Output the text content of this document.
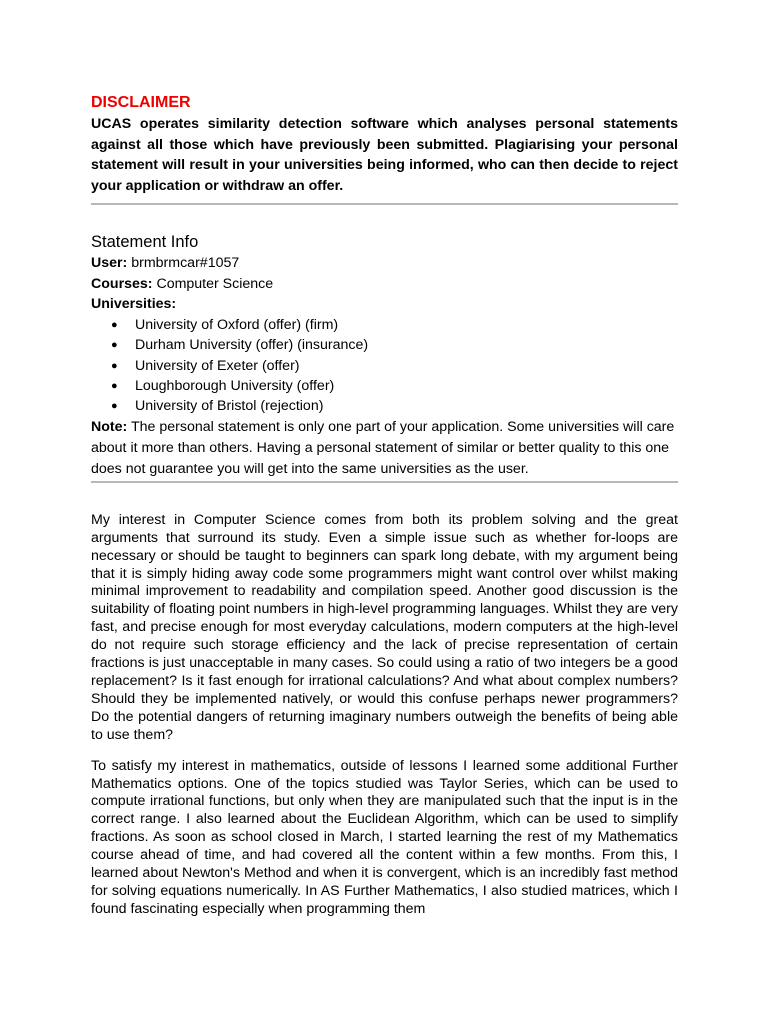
DISCLAIMER

UCAS operates similarity detection software which analyses personal statements against all those which have previously been submitted. Plagiarising your personal statement will result in your universities being informed, who can then decide to reject your application or withdraw an offer.

Statement Info

User: brmbrmcar#1057

Courses: Computer Science

Universities:

● University of Oxford (offer) (firm)
● Durham University (offer) (insurance)
● University of Exeter (offer)
● Loughborough University (offer)
● University of Bristol (rejection)

Note: The personal statement is only one part of your application. Some universities will care about it more than others. Having a personal statement of similar or better quality to this one does not guarantee you will get into the same universities as the user.

My interest in Computer Science comes from both its problem solving and the great arguments that surround its study. Even a simple issue such as whether for-loops are necessary or should be taught to beginners can spark long debate, with my argument being that it is simply hiding away code some programmers might want control over whilst making minimal improvement to readability and compilation speed. Another good discussion is the suitability of floating point numbers in high-level programming languages. Whilst they are very fast, and precise enough for most everyday calculations, modern computers at the high-level do not require such storage efficiency and the lack of precise representation of certain fractions is just unacceptable in many cases. So could using a ratio of two integers be a good replacement? Is it fast enough for irrational calculations? And what about complex numbers? Should they be implemented natively, or would this confuse perhaps newer programmers? Do the potential dangers of returning imaginary numbers outweigh the benefits of being able to use them?

To satisfy my interest in mathematics, outside of lessons I learned some additional Further Mathematics options. One of the topics studied was Taylor Series, which can be used to compute irrational functions, but only when they are manipulated such that the input is in the correct range. I also learned about the Euclidean Algorithm, which can be used to simplify fractions. As soon as school closed in March, I started learning the rest of my Mathematics course ahead of time, and had covered all the content within a few months. From this, I learned about Newton's Method and when it is convergent, which is an incredibly fast method for solving equations numerically. In AS Further Mathematics, I also studied matrices, which I found fascinating especially when programming them
